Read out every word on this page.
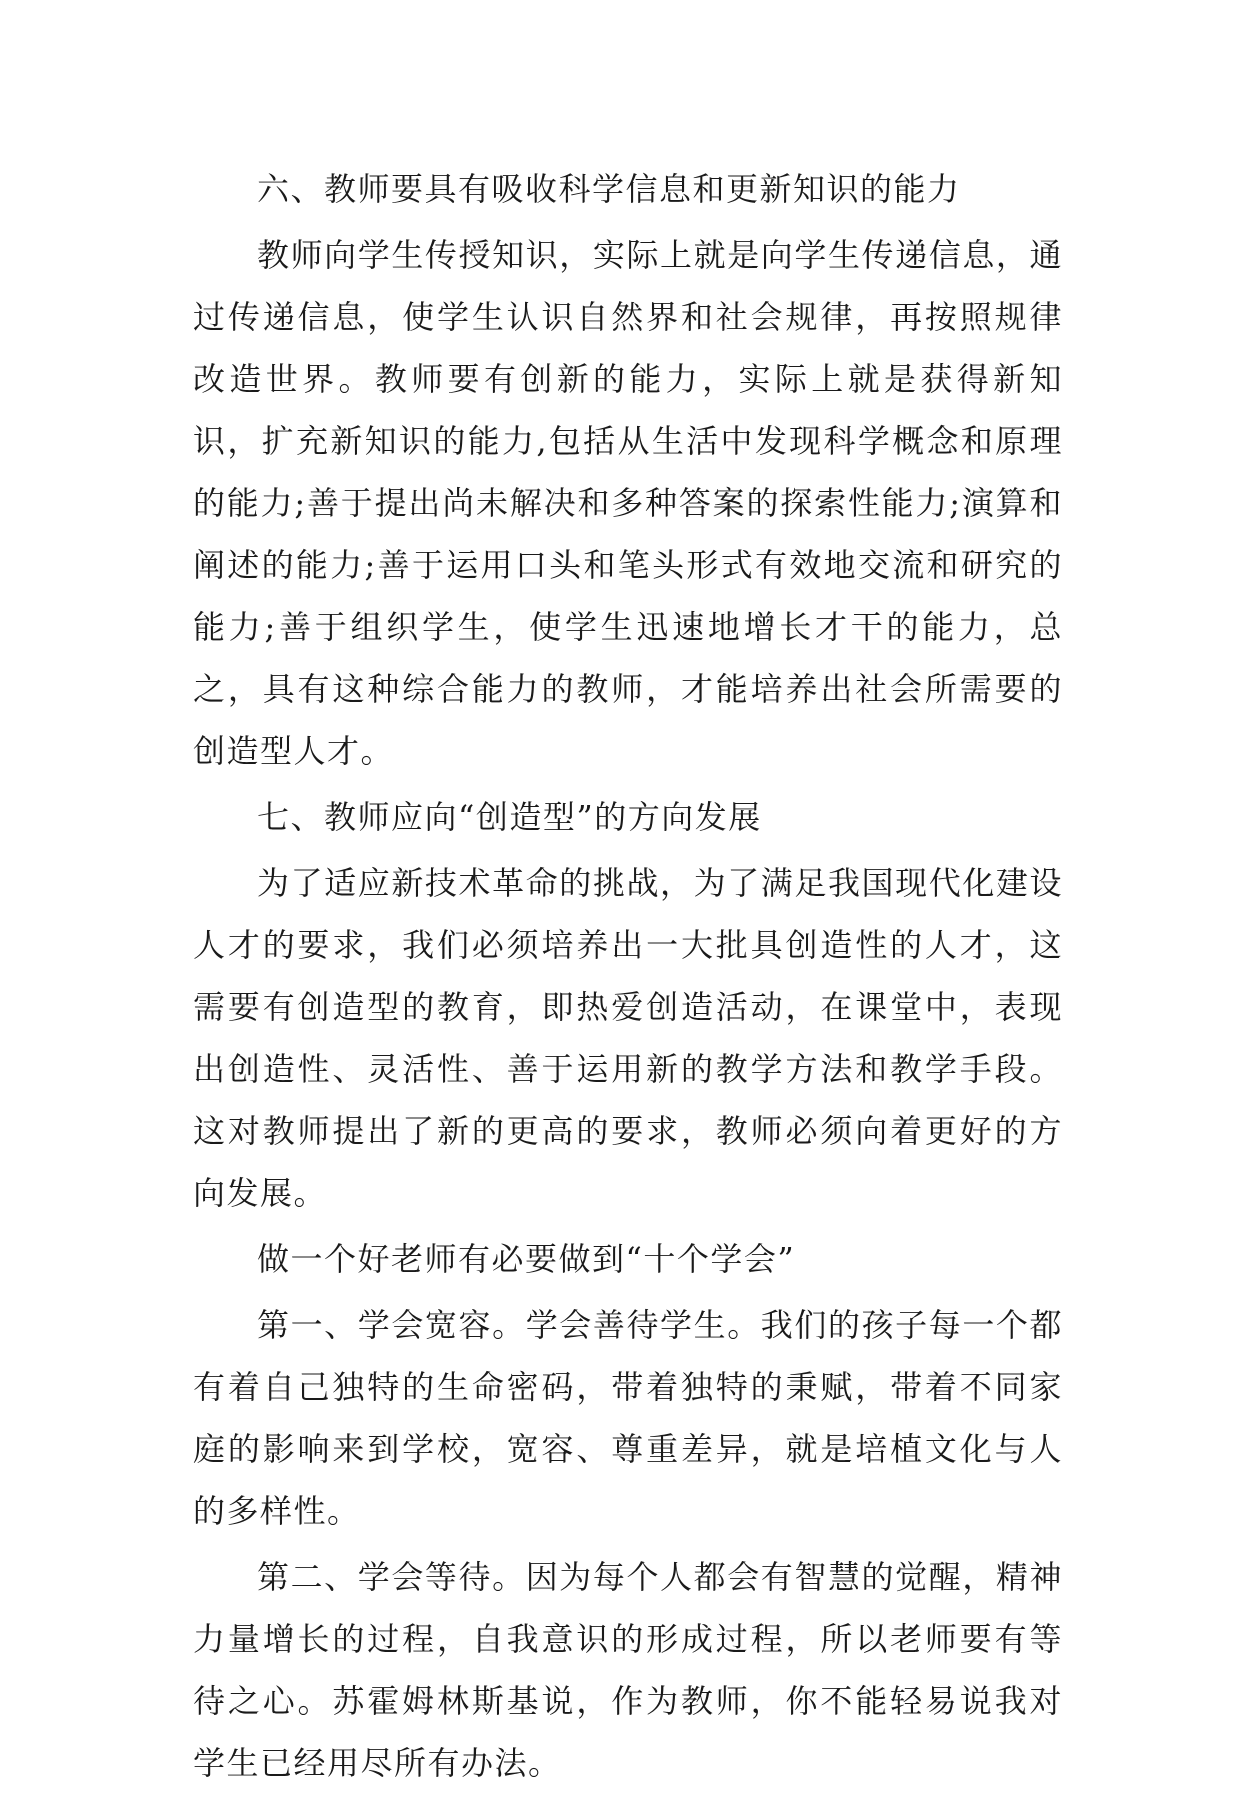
六、教师要具有吸收科学信息和更新知识的能力

教师向学生传授知识，实际上就是向学生传递信息，通过传递信息，使学生认识自然界和社会规律，再按照规律改造世界。教师要有创新的能力，实际上就是获得新知识，扩充新知识的能力,包括从生活中发现科学概念和原理的能力;善于提出尚未解决和多种答案的探索性能力;演算和阐述的能力;善于运用口头和笔头形式有效地交流和研究的能力;善于组织学生，使学生迅速地增长才干的能力，总之，具有这种综合能力的教师，才能培养出社会所需要的创造型人才。

七、教师应向“创造型”的方向发展

为了适应新技术革命的挑战，为了满足我国现代化建设人才的要求，我们必须培养出一大批具创造性的人才，这需要有创造型的教育，即热爱创造活动，在课堂中，表现出创造性、灵活性、善于运用新的教学方法和教学手段。这对教师提出了新的更高的要求，教师必须向着更好的方向发展。

做一个好老师有必要做到“十个学会”

第一、学会宽容。学会善待学生。我们的孩子每一个都有着自己独特的生命密码，带着独特的秉赋，带着不同家庭的影响来到学校，宽容、尊重差异，就是培植文化与人的多样性。

第二、学会等待。因为每个人都会有智慧的觉醒，精神力量增长的过程，自我意识的形成过程，所以老师要有等待之心。苏霍姆林斯基说，作为教师，你不能轻易说我对学生已经用尽所有办法。
